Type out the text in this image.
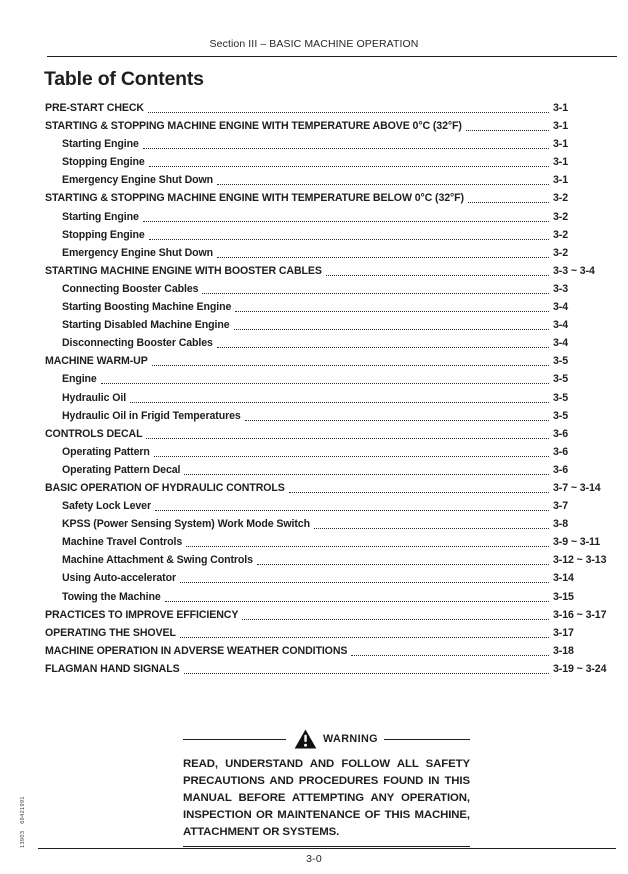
Section III – BASIC MACHINE OPERATION
Table of Contents
PRE-START CHECK	3-1
STARTING & STOPPING MACHINE ENGINE WITH TEMPERATURE ABOVE 0°C (32°F)	3-1
Starting Engine	3-1
Stopping Engine	3-1
Emergency Engine Shut Down	3-1
STARTING & STOPPING MACHINE ENGINE WITH TEMPERATURE BELOW 0°C (32°F)	3-2
Starting Engine	3-2
Stopping Engine	3-2
Emergency Engine Shut Down	3-2
STARTING MACHINE ENGINE WITH BOOSTER CABLES	3-3 ~ 3-4
Connecting Booster Cables	3-3
Starting Boosting Machine Engine	3-4
Starting Disabled Machine Engine	3-4
Disconnecting Booster Cables	3-4
MACHINE WARM-UP	3-5
Engine	3-5
Hydraulic Oil	3-5
Hydraulic Oil in Frigid Temperatures	3-5
CONTROLS DECAL	3-6
Operating Pattern	3-6
Operating Pattern Decal	3-6
BASIC OPERATION OF HYDRAULIC CONTROLS	3-7 ~ 3-14
Safety Lock Lever	3-7
KPSS (Power Sensing System) Work Mode Switch	3-8
Machine Travel Controls	3-9 ~ 3-11
Machine Attachment & Swing Controls	3-12 ~ 3-13
Using Auto-accelerator	3-14
Towing the Machine	3-15
PRACTICES TO IMPROVE EFFICIENCY	3-16 ~ 3-17
OPERATING THE SHOVEL	3-17
MACHINE OPERATION IN ADVERSE WEATHER CONDITIONS	3-18
FLAGMAN HAND SIGNALS	3-19 ~ 3-24
WARNING
READ, UNDERSTAND AND FOLLOW ALL SAFETY PRECAUTIONS AND PROCEDURES FOUND IN THIS MANUAL BEFORE ATTEMPTING ANY OPERATION, INSPECTION OR MAINTENANCE OF THIS MACHINE, ATTACHMENT OR SYSTEMS.
3-0
13903 69421991
